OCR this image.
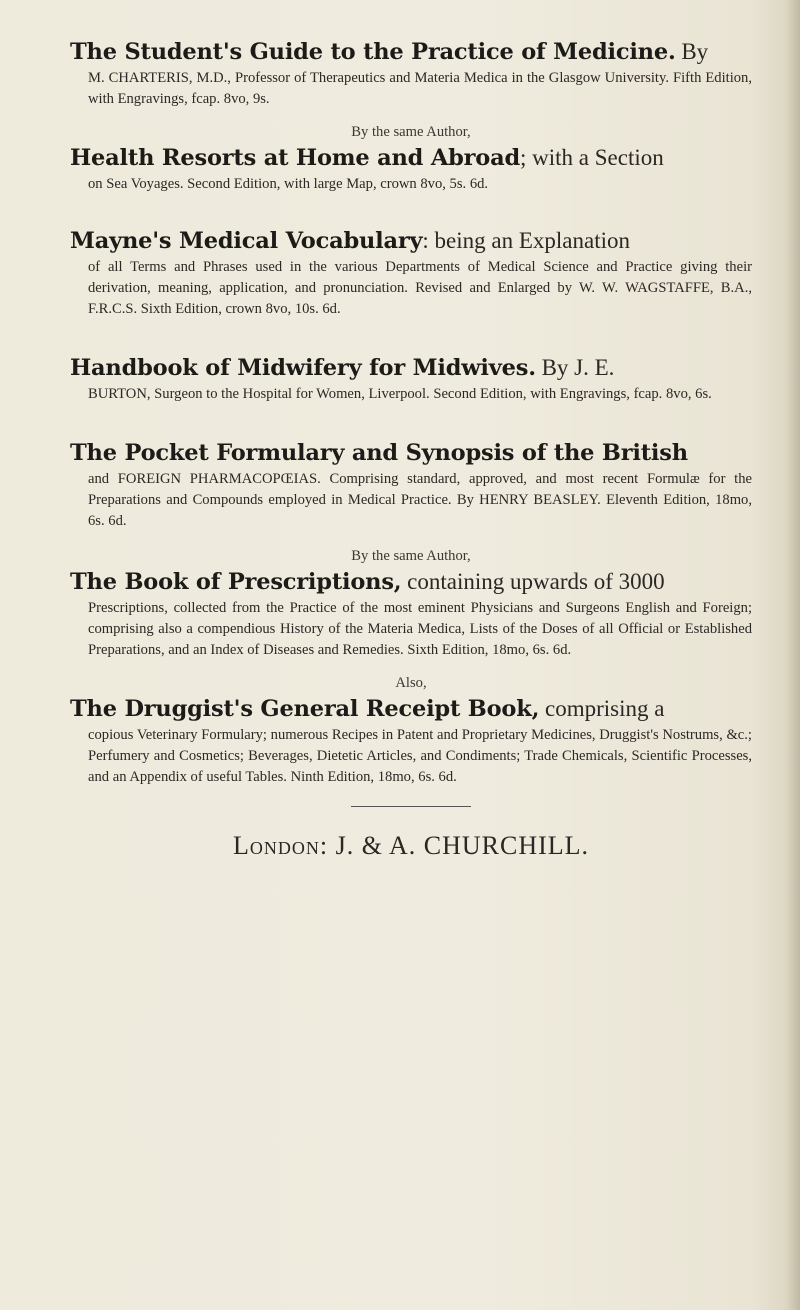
The Student's Guide to the Practice of Medicine. By
M. CHARTERIS, M.D., Professor of Therapeutics and Materia Medica in the Glasgow University. Fifth Edition, with Engravings, fcap. 8vo, 9s.
By the same Author,
Health Resorts at Home and Abroad; with a Section
on Sea Voyages. Second Edition, with large Map, crown 8vo, 5s. 6d.
Mayne's Medical Vocabulary: being an Explanation
of all Terms and Phrases used in the various Departments of Medical Science and Practice giving their derivation, meaning, application, and pronunciation. Revised and Enlarged by W. W. WAGSTAFFE, B.A., F.R.C.S. Sixth Edition, crown 8vo, 10s. 6d.
Handbook of Midwifery for Midwives. By J. E.
BURTON, Surgeon to the Hospital for Women, Liverpool. Second Edition, with Engravings, fcap. 8vo, 6s.
The Pocket Formulary and Synopsis of the British
and FOREIGN PHARMACOPŒIAS. Comprising standard, approved, and most recent Formulæ for the Preparations and Compounds employed in Medical Practice. By HENRY BEASLEY. Eleventh Edition, 18mo, 6s. 6d.
By the same Author,
The Book of Prescriptions, containing upwards of 3000
Prescriptions, collected from the Practice of the most eminent Physicians and Surgeons English and Foreign; comprising also a compendious History of the Materia Medica, Lists of the Doses of all Official or Established Preparations, and an Index of Diseases and Remedies. Sixth Edition, 18mo, 6s. 6d.
Also,
The Druggist's General Receipt Book, comprising a
copious Veterinary Formulary; numerous Recipes in Patent and Proprietary Medicines, Druggist's Nostrums, &c.; Perfumery and Cosmetics; Beverages, Dietetic Articles, and Condiments; Trade Chemicals, Scientific Processes, and an Appendix of useful Tables. Ninth Edition, 18mo, 6s. 6d.
London: J. & A. CHURCHILL.
